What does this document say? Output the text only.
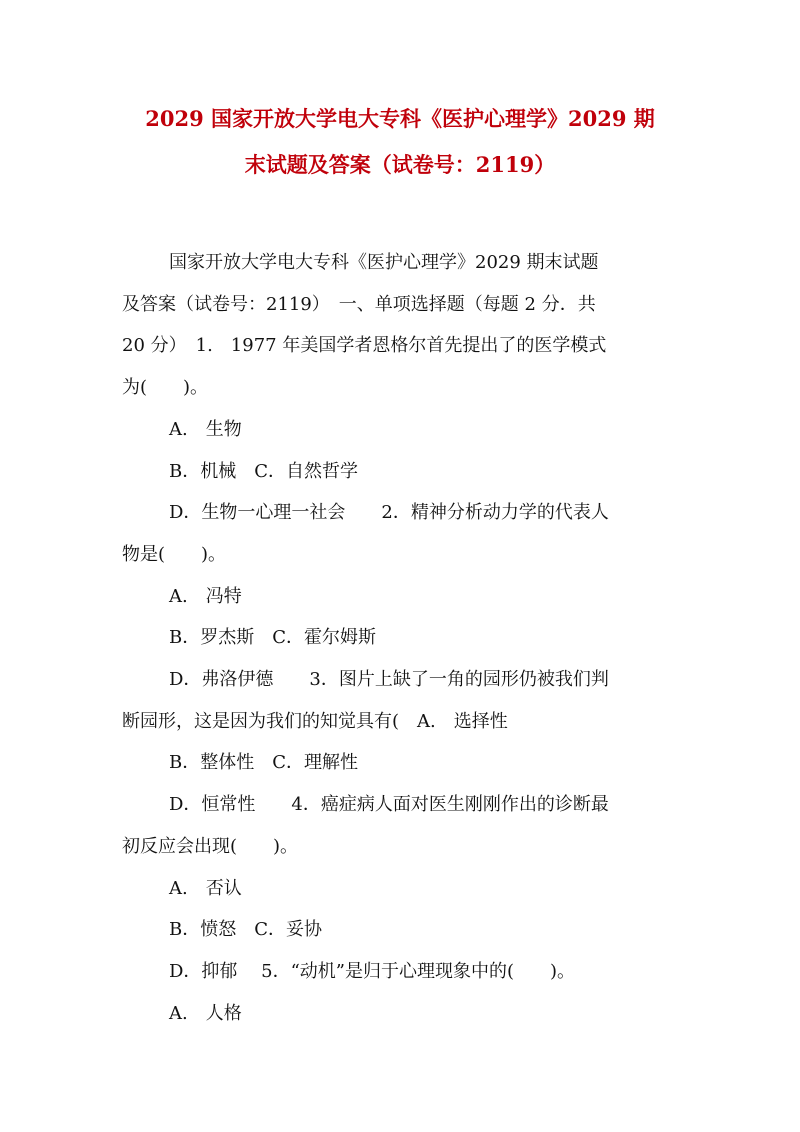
2029 国家开放大学电大专科《医护心理学》2029 期
末试题及答案（试卷号：2119）
国家开放大学电大专科《医护心理学》2029 期末试题
及答案（试卷号：2119）　一、单项选择题（每题 2 分．共
20 分）　1.　1977 年美国学者恩格尔首先提出了的医学模式
为(　　)。
A.　生物
B．机械　C．自然哲学
D．生物一心理一社会　　2．精神分析动力学的代表人
物是(　　)。
A.　冯特
B．罗杰斯　C．霍尔姆斯
D．弗洛伊德　　3．图片上缺了一角的园形仍被我们判
断园形，这是因为我们的知觉具有(　A.　选择性
B．整体性　C．理解性
D．恒常性　　4．癌症病人面对医生刚刚作出的诊断最
初反应会出现(　　)。
A.　否认
B．愤怒　C．妥协
D．抑郁　 5．“动机”是归于心理现象中的(　　)。
A.　人格
